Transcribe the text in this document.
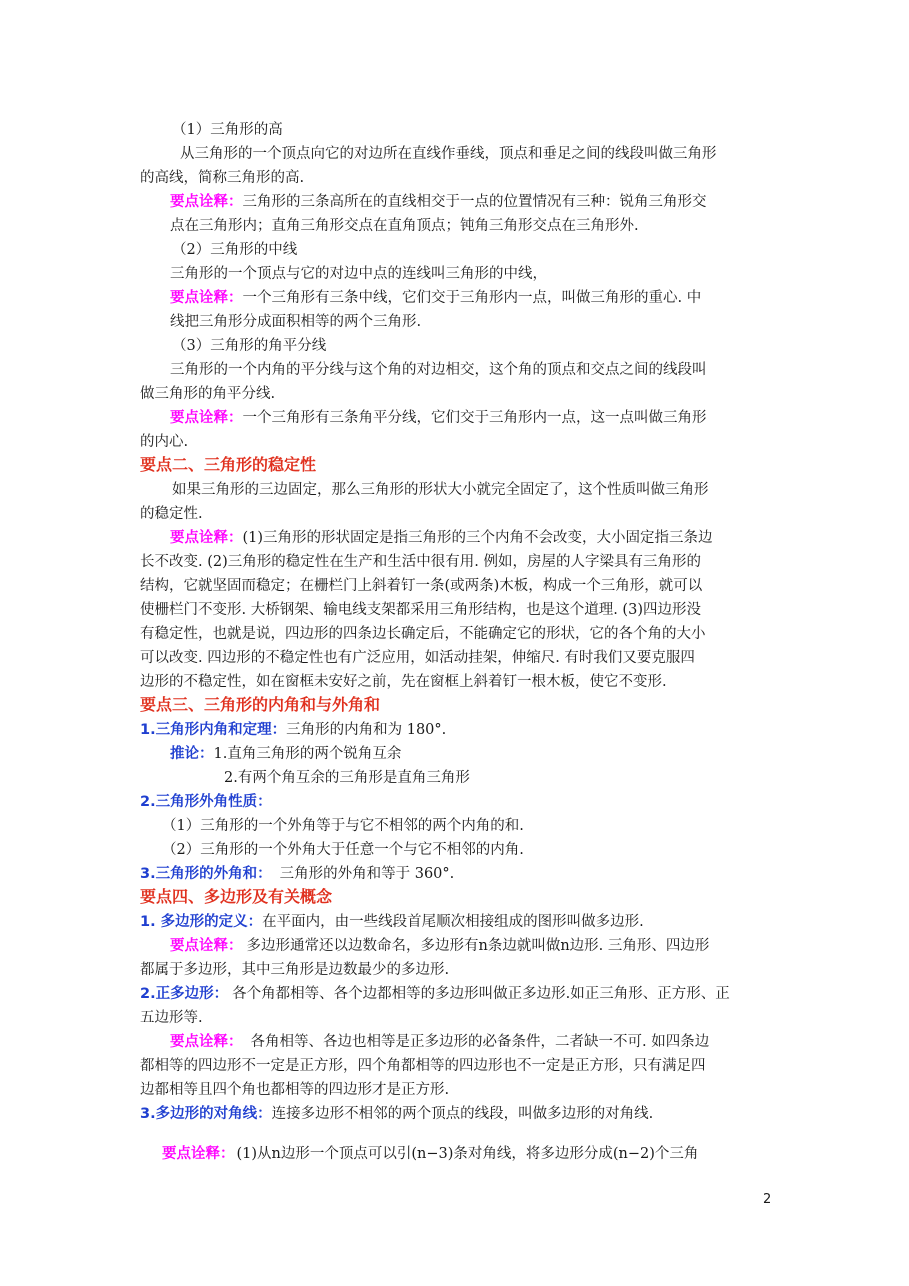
（1）三角形的高
从三角形的一个顶点向它的对边所在直线作垂线，顶点和垂足之间的线段叫做三角形
的高线，简称三角形的高.
要点诠释：三角形的三条高所在的直线相交于一点的位置情况有三种：锐角三角形交
点在三角形内；直角三角形交点在直角顶点；钝角三角形交点在三角形外.
（2）三角形的中线
三角形的一个顶点与它的对边中点的连线叫三角形的中线，
要点诠释：一个三角形有三条中线，它们交于三角形内一点，叫做三角形的重心. 中
线把三角形分成面积相等的两个三角形.
（3）三角形的角平分线
三角形的一个内角的平分线与这个角的对边相交，这个角的顶点和交点之间的线段叫
做三角形的角平分线.
要点诠释：一个三角形有三条角平分线，它们交于三角形内一点，这一点叫做三角形
的内心.
要点二、三角形的稳定性
如果三角形的三边固定，那么三角形的形状大小就完全固定了，这个性质叫做三角形
的稳定性.
要点诠释：(1)三角形的形状固定是指三角形的三个内角不会改变，大小固定指三条边
长不改变. (2)三角形的稳定性在生产和生活中很有用. 例如，房屋的人字梁具有三角形的
结构，它就坚固而稳定；在栅栏门上斜着钉一条(或两条)木板，构成一个三角形，就可以
使栅栏门不变形. 大桥钢架、输电线支架都采用三角形结构，也是这个道理. (3)四边形没
有稳定性，也就是说，四边形的四条边长确定后，不能确定它的形状，它的各个角的大小
可以改变. 四边形的不稳定性也有广泛应用，如活动挂架，伸缩尺. 有时我们又要克服四
边形的不稳定性，如在窗框未安好之前，先在窗框上斜着钉一根木板，使它不变形.
要点三、三角形的内角和与外角和
1.三角形内角和定理：三角形的内角和为 180°.
推论：1.直角三角形的两个锐角互余
2.有两个角互余的三角形是直角三角形
2.三角形外角性质：
（1）三角形的一个外角等于与它不相邻的两个内角的和.
（2）三角形的一个外角大于任意一个与它不相邻的内角.
3.三角形的外角和： 三角形的外角和等于 360°.
要点四、多边形及有关概念
1. 多边形的定义：在平面内，由一些线段首尾顺次相接组成的图形叫做多边形.
要点诠释： 多边形通常还以边数命名，多边形有n条边就叫做n边形. 三角形、四边形
都属于多边形，其中三角形是边数最少的多边形.
2.正多边形： 各个角都相等、各个边都相等的多边形叫做正多边形.如正三角形、正方形、正
五边形等.
要点诠释： 各角相等、各边也相等是正多边形的必备条件，二者缺一不可. 如四条边
都相等的四边形不一定是正方形，四个角都相等的四边形也不一定是正方形，只有满足四
边都相等且四个角也都相等的四边形才是正方形.
3.多边形的对角线：连接多边形不相邻的两个顶点的线段，叫做多边形的对角线.
要点诠释： (1)从n边形一个顶点可以引(n−3)条对角线，将多边形分成(n−2)个三角
2
